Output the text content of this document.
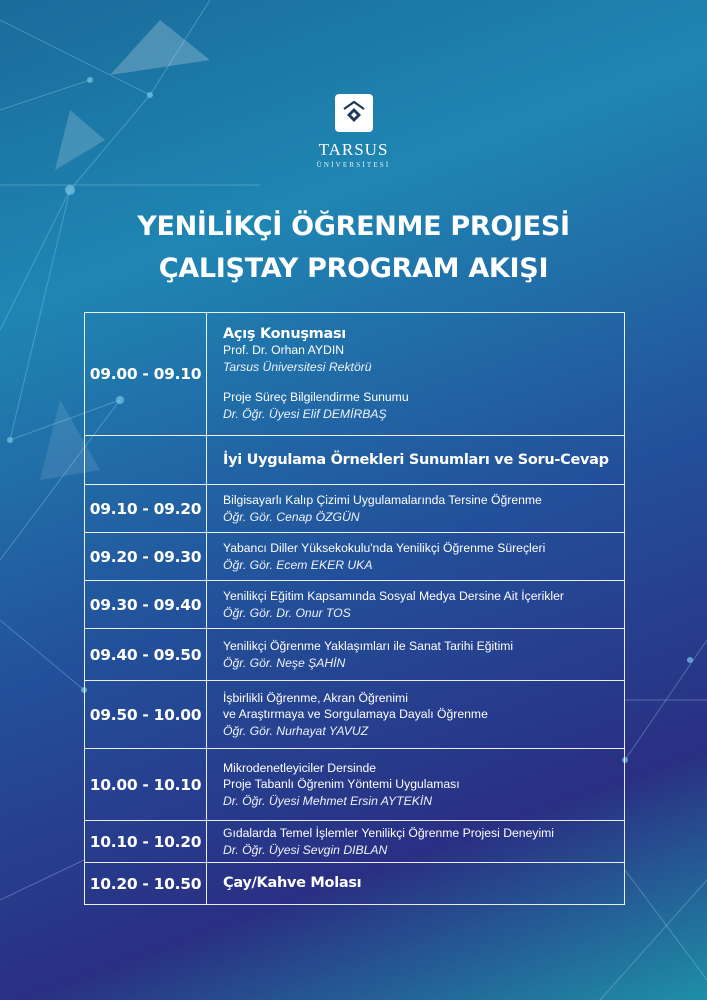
TARSUS
ÜNİVERSİTESİ
YENİLİKÇİ ÖĞRENME PROJESİ
ÇALIŞTAY PROGRAM AKIŞI
09.00 - 09.10	Açış Konuşması
Prof. Dr. Orhan AYDIN
Tarsus Üniversitesi Rektörü
Proje Süreç Bilgilendirme Sunumu
Dr. Öğr. Üyesi Elif DEMİRBAŞ

	İyi Uygulama Örnekleri Sunumları ve Soru-Cevap

09.10 - 09.20	Bilgisayarlı Kalıp Çizimi Uygulamalarında Tersine Öğrenme
Öğr. Gör. Cenap ÖZGÜN

09.20 - 09.30	Yabancı Diller Yüksekokulu'nda Yenilikçi Öğrenme Süreçleri
Öğr. Gör. Ecem EKER UKA

09.30 - 09.40	Yenilikçi Eğitim Kapsamında Sosyal Medya Dersine Ait İçerikler
Öğr. Gör. Dr. Onur TOS

09.40 - 09.50	Yenilikçi Öğrenme Yaklaşımları ile Sanat Tarihi Eğitimi
Öğr. Gör. Neşe ŞAHİN

09.50 - 10.00	İşbirlikli Öğrenme, Akran Öğrenimi
ve Araştırmaya ve Sorgulamaya Dayalı Öğrenme
Öğr. Gör. Nurhayat YAVUZ

10.00 - 10.10	Mikrodenetleyiciler Dersinde
Proje Tabanlı Öğrenim Yöntemi Uygulaması
Dr. Öğr. Üyesi Mehmet Ersin AYTEKİN

10.10 - 10.20	Gıdalarda Temel İşlemler Yenilikçi Öğrenme Projesi Deneyimi
Dr. Öğr. Üyesi Sevgin DIBLAN

10.20 - 10.50	Çay/Kahve Molası
